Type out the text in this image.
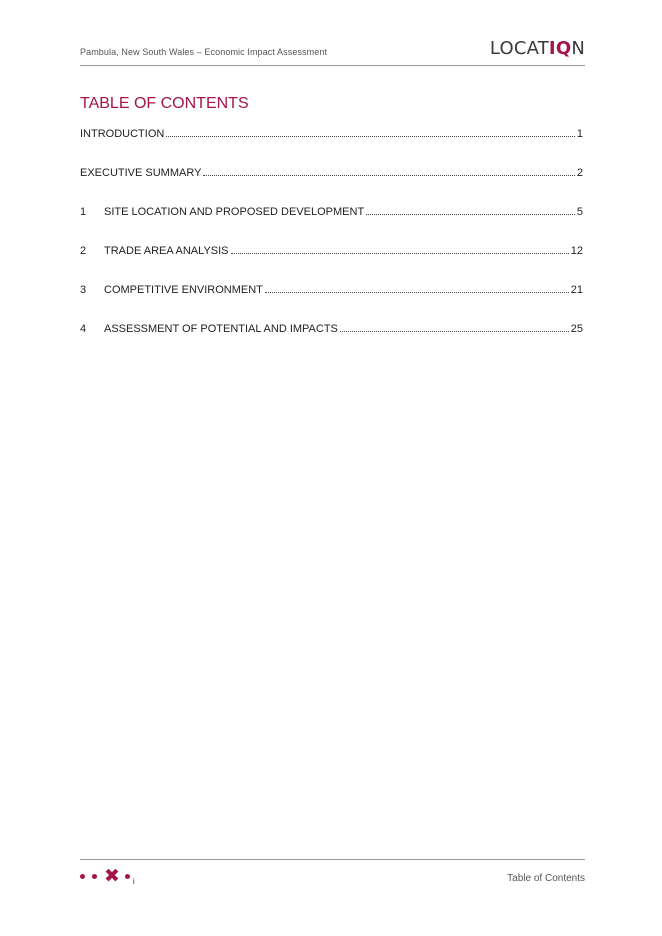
Pambula, New South Wales – Economic Impact Assessment	LOCATIQN
TABLE OF CONTENTS
INTRODUCTION	1
EXECUTIVE SUMMARY	2
1	SITE LOCATION AND PROPOSED DEVELOPMENT	5
2	TRADE AREA ANALYSIS	12
3	COMPETITIVE ENVIRONMENT	21
4	ASSESSMENT OF POTENTIAL AND IMPACTS	25
✖ i	Table of Contents
